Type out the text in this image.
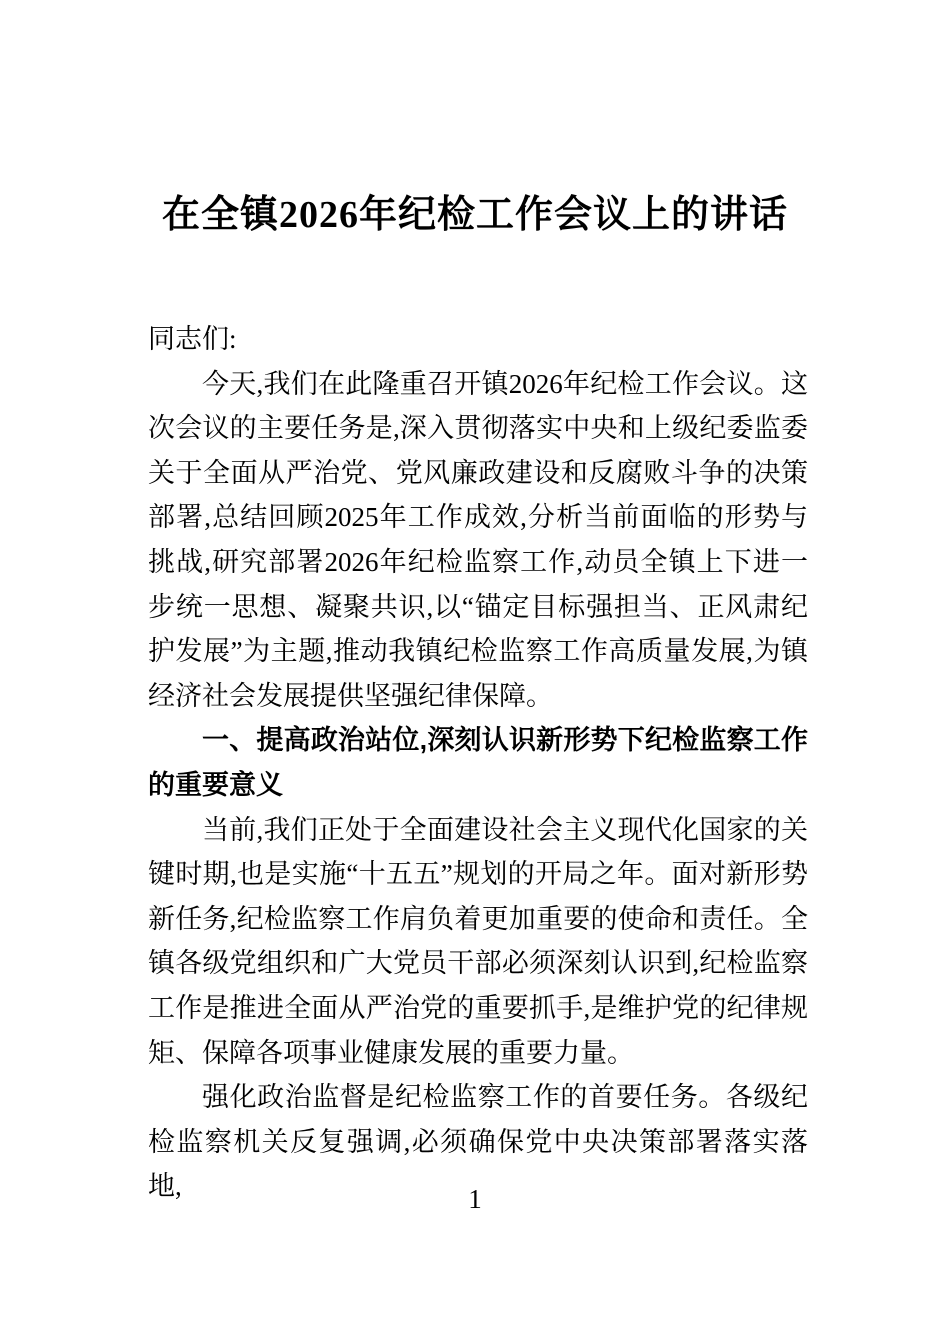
在全镇2026年纪检工作会议上的讲话

同志们:

今天,我们在此隆重召开镇2026年纪检工作会议。这次会议的主要任务是,深入贯彻落实中央和上级纪委监委关于全面从严治党、党风廉政建设和反腐败斗争的决策部署,总结回顾2025年工作成效,分析当前面临的形势与挑战,研究部署2026年纪检监察工作,动员全镇上下进一步统一思想、凝聚共识,以“锚定目标强担当、正风肃纪护发展”为主题,推动我镇纪检监察工作高质量发展,为镇经济社会发展提供坚强纪律保障。

一、提高政治站位,深刻认识新形势下纪检监察工作的重要意义

当前,我们正处于全面建设社会主义现代化国家的关键时期,也是实施“十五五”规划的开局之年。面对新形势新任务,纪检监察工作肩负着更加重要的使命和责任。全镇各级党组织和广大党员干部必须深刻认识到,纪检监察工作是推进全面从严治党的重要抓手,是维护党的纪律规矩、保障各项事业健康发展的重要力量。

强化政治监督是纪检监察工作的首要任务。各级纪检监察机关反复强调,必须确保党中央决策部署落实落地,	1
